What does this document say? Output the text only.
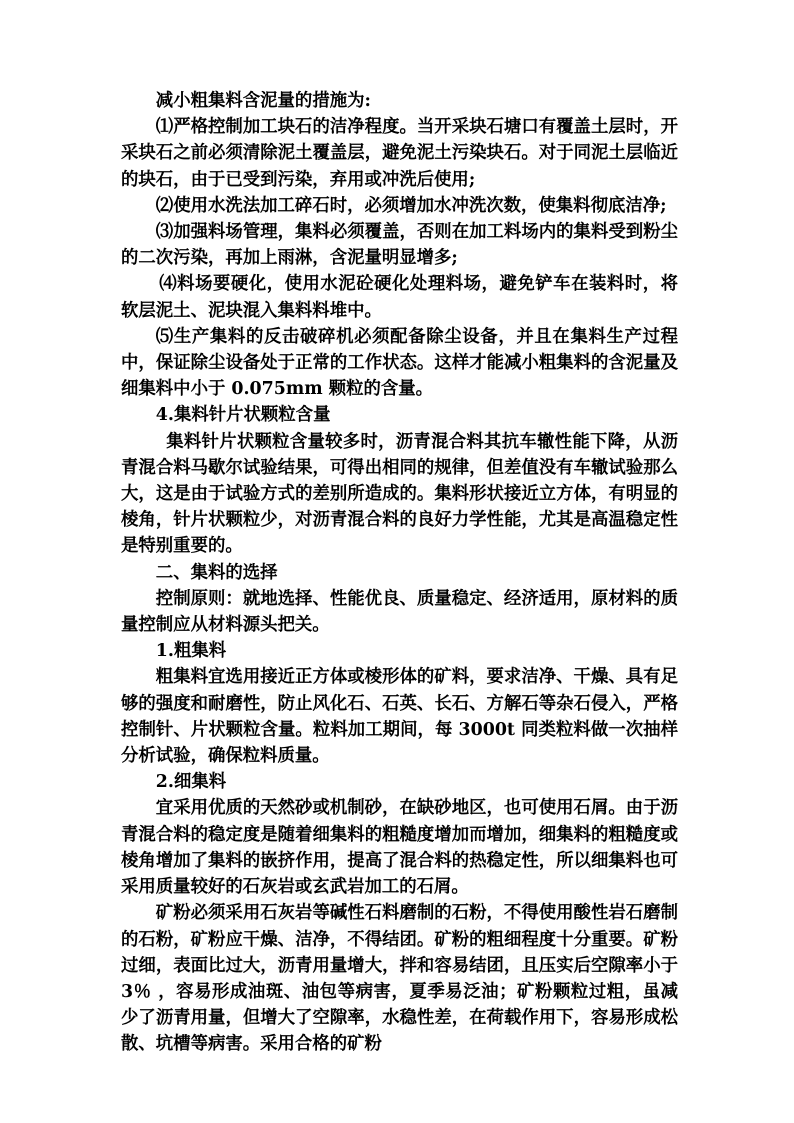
减小粗集料含泥量的措施为:

⑴严格控制加工块石的洁净程度。当开采块石塘口有覆盖土层时，开采块石之前必须清除泥土覆盖层，避免泥土污染块石。对于同泥土层临近的块石，由于已受到污染，弃用或冲洗后使用;

⑵使用水洗法加工碎石时，必须增加水冲洗次数，使集料彻底洁净;

⑶加强料场管理，集料必须覆盖，否则在加工料场内的集料受到粉尘的二次污染，再加上雨淋，含泥量明显增多;

⑷料场要硬化，使用水泥砼硬化处理料场，避免铲车在装料时，将软层泥土、泥块混入集料料堆中。

⑸生产集料的反击破碎机必须配备除尘设备，并且在集料生产过程中，保证除尘设备处于正常的工作状态。这样才能减小粗集料的含泥量及细集料中小于 0.075mm 颗粒的含量。

4.集料针片状颗粒含量

集料针片状颗粒含量较多时，沥青混合料其抗车辙性能下降，从沥青混合料马歇尔试验结果，可得出相同的规律，但差值没有车辙试验那么大，这是由于试验方式的差别所造成的。集料形状接近立方体，有明显的棱角，针片状颗粒少，对沥青混合料的良好力学性能，尤其是高温稳定性是特别重要的。

二、集料的选择

控制原则：就地选择、性能优良、质量稳定、经济适用，原材料的质量控制应从材料源头把关。

1.粗集料

粗集料宜选用接近正方体或棱形体的矿料，要求洁净、干燥、具有足够的强度和耐磨性，防止风化石、石英、长石、方解石等杂石侵入，严格控制针、片状颗粒含量。粒料加工期间，每 3000t 同类粒料做一次抽样分析试验，确保粒料质量。

2.细集料

宜采用优质的天然砂或机制砂，在缺砂地区，也可使用石屑。由于沥青混合料的稳定度是随着细集料的粗糙度增加而增加，细集料的粗糙度或棱角增加了集料的嵌挤作用，提高了混合料的热稳定性，所以细集料也可采用质量较好的石灰岩或玄武岩加工的石屑。

矿粉必须采用石灰岩等碱性石料磨制的石粉，不得使用酸性岩石磨制的石粉，矿粉应干燥、洁净，不得结团。矿粉的粗细程度十分重要。矿粉过细，表面比过大，沥青用量增大，拌和容易结团，且压实后空隙率小于 3％ ，容易形成油斑、油包等病害，夏季易泛油；矿粉颗粒过粗，虽减少了沥青用量，但增大了空隙率，水稳性差，在荷载作用下，容易形成松散、坑槽等病害。采用合格的矿粉
